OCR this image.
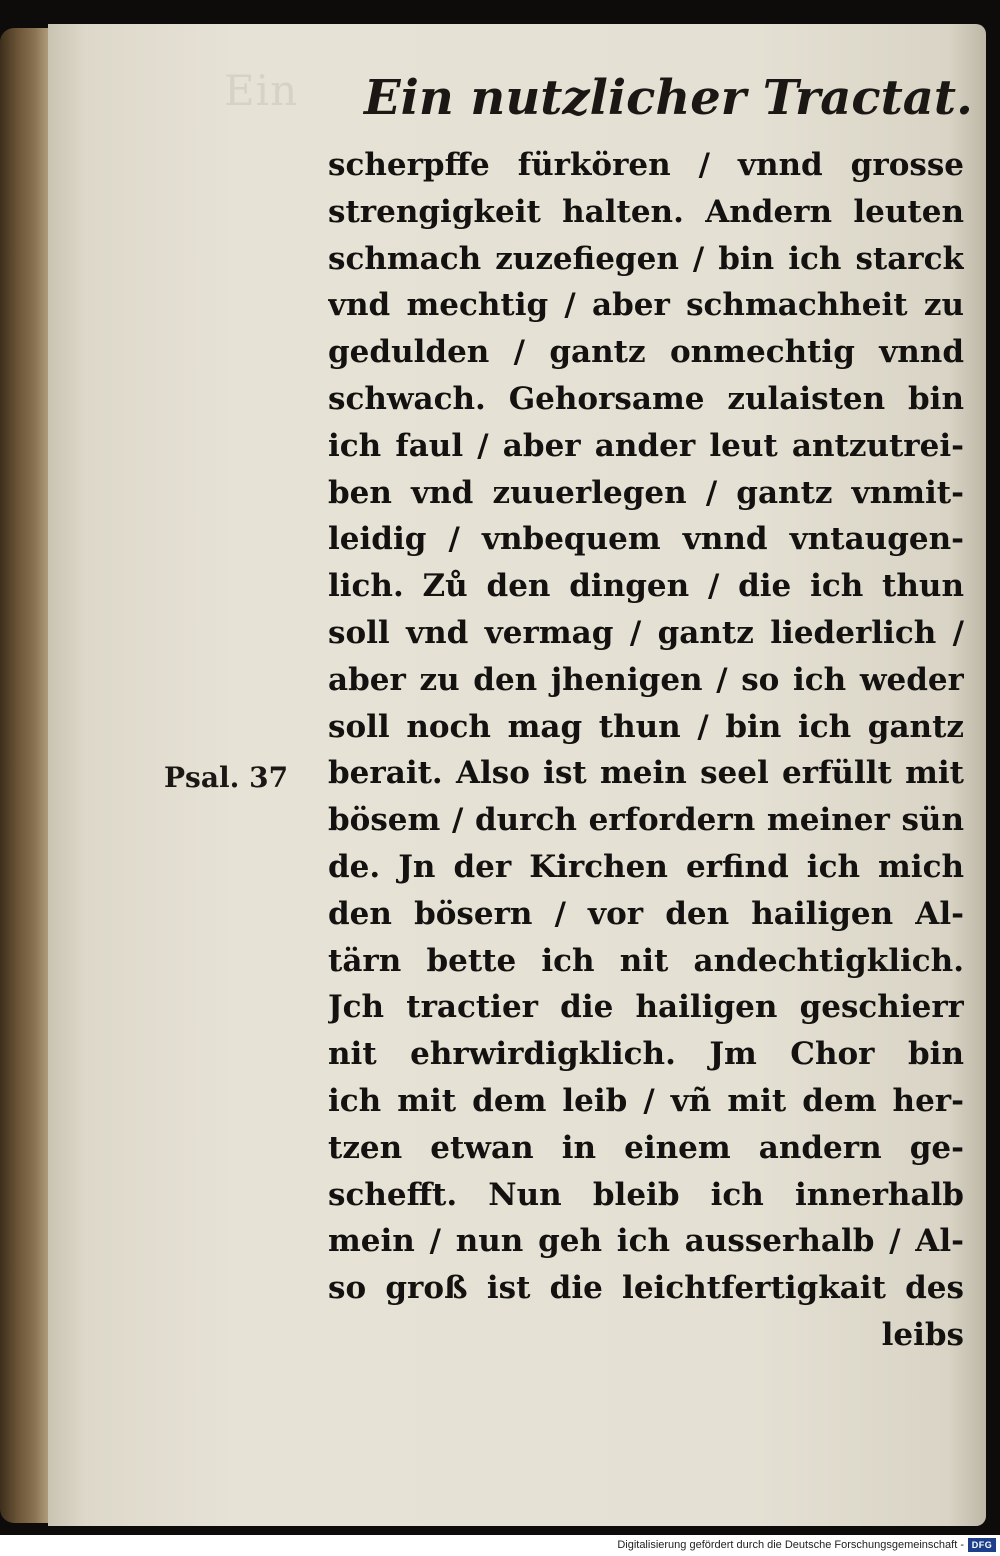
Ein Ein nutzlicher Tractat.
Psal. 37
scherpffe fürkören / vnnd grosse
strengigkeit halten. Andern leuten
schmach zuzefiegen / bin ich starck
vnd mechtig / aber schmachheit zu
gedulden / gantz onmechtig vnnd
schwach. Gehorsame zulaisten bin
ich faul / aber ander leut antzutrei-
ben vnd zuuerlegen / gantz vnmit-
leidig / vnbequem vnnd vntaugen-
lich. Zů den dingen / die ich thun
soll vnd vermag / gantz liederlich /
aber zu den jhenigen / so ich weder
soll noch mag thun / bin ich gantz
berait. Also ist mein seel erfüllt mit
bösem / durch erfordern meiner sün
de. Jn der Kirchen erfind ich mich
den bösern / vor den hailigen Al-
tärn bette ich nit andechtigklich.
Jch tractier die hailigen geschierr
nit ehrwirdigklich. Jm Chor bin
ich mit dem leib / vñ mit dem her-
tzen etwan in einem andern ge-
schefft. Nun bleib ich innerhalb
mein / nun geh ich ausserhalb / Al-
so groß ist die leichtfertigkait des
leibs
Digitalisierung gefördert durch die Deutsche Forschungsgemeinschaft - DFG
